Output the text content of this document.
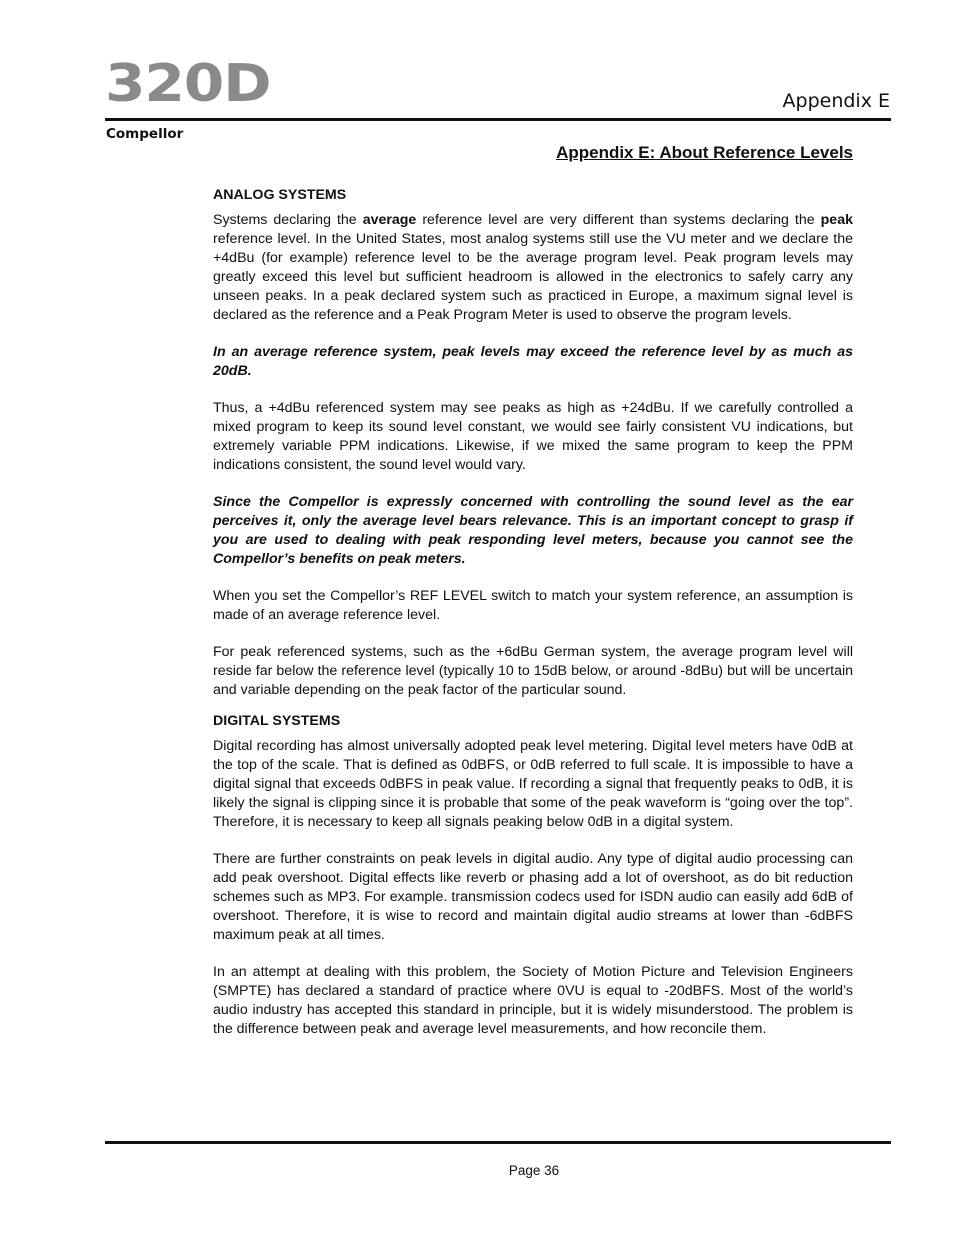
320D	Appendix E
Compellor
Appendix E: About Reference Levels
ANALOG SYSTEMS

Systems declaring the average reference level are very different than systems declaring the peak reference level. In the United States, most analog systems still use the VU meter and we declare the +4dBu (for example) reference level to be the average program level. Peak program levels may greatly exceed this level but sufficient headroom is allowed in the electronics to safely carry any unseen peaks. In a peak declared system such as practiced in Europe, a maximum signal level is declared as the reference and a Peak Program Meter is used to observe the program levels.

In an average reference system, peak levels may exceed the reference level by as much as 20dB.

Thus, a +4dBu referenced system may see peaks as high as +24dBu. If we carefully controlled a mixed program to keep its sound level constant, we would see fairly consistent VU indications, but extremely variable PPM indications. Likewise, if we mixed the same program to keep the PPM indications consistent, the sound level would vary.

Since the Compellor is expressly concerned with controlling the sound level as the ear perceives it, only the average level bears relevance. This is an important concept to grasp if you are used to dealing with peak responding level meters, because you cannot see the Compellor’s benefits on peak meters.

When you set the Compellor’s REF LEVEL switch to match your system reference, an assumption is made of an average reference level.

For peak referenced systems, such as the +6dBu German system, the average program level will reside far below the reference level (typically 10 to 15dB below, or around -8dBu) but will be uncertain and variable depending on the peak factor of the particular sound.

DIGITAL SYSTEMS

Digital recording has almost universally adopted peak level metering. Digital level meters have 0dB at the top of the scale. That is defined as 0dBFS, or 0dB referred to full scale. It is impossible to have a digital signal that exceeds 0dBFS in peak value. If recording a signal that frequently peaks to 0dB, it is likely the signal is clipping since it is probable that some of the peak waveform is “going over the top”. Therefore, it is necessary to keep all signals peaking below 0dB in a digital system.

There are further constraints on peak levels in digital audio. Any type of digital audio processing can add peak overshoot. Digital effects like reverb or phasing add a lot of overshoot, as do bit reduction schemes such as MP3. For example. transmission codecs used for ISDN audio can easily add 6dB of overshoot. Therefore, it is wise to record and maintain digital audio streams at lower than -6dBFS maximum peak at all times.

In an attempt at dealing with this problem, the Society of Motion Picture and Television Engineers (SMPTE) has declared a standard of practice where 0VU is equal to -20dBFS. Most of the world’s audio industry has accepted this standard in principle, but it is widely misunderstood. The problem is the difference between peak and average level measurements, and how reconcile them.

Page 36
